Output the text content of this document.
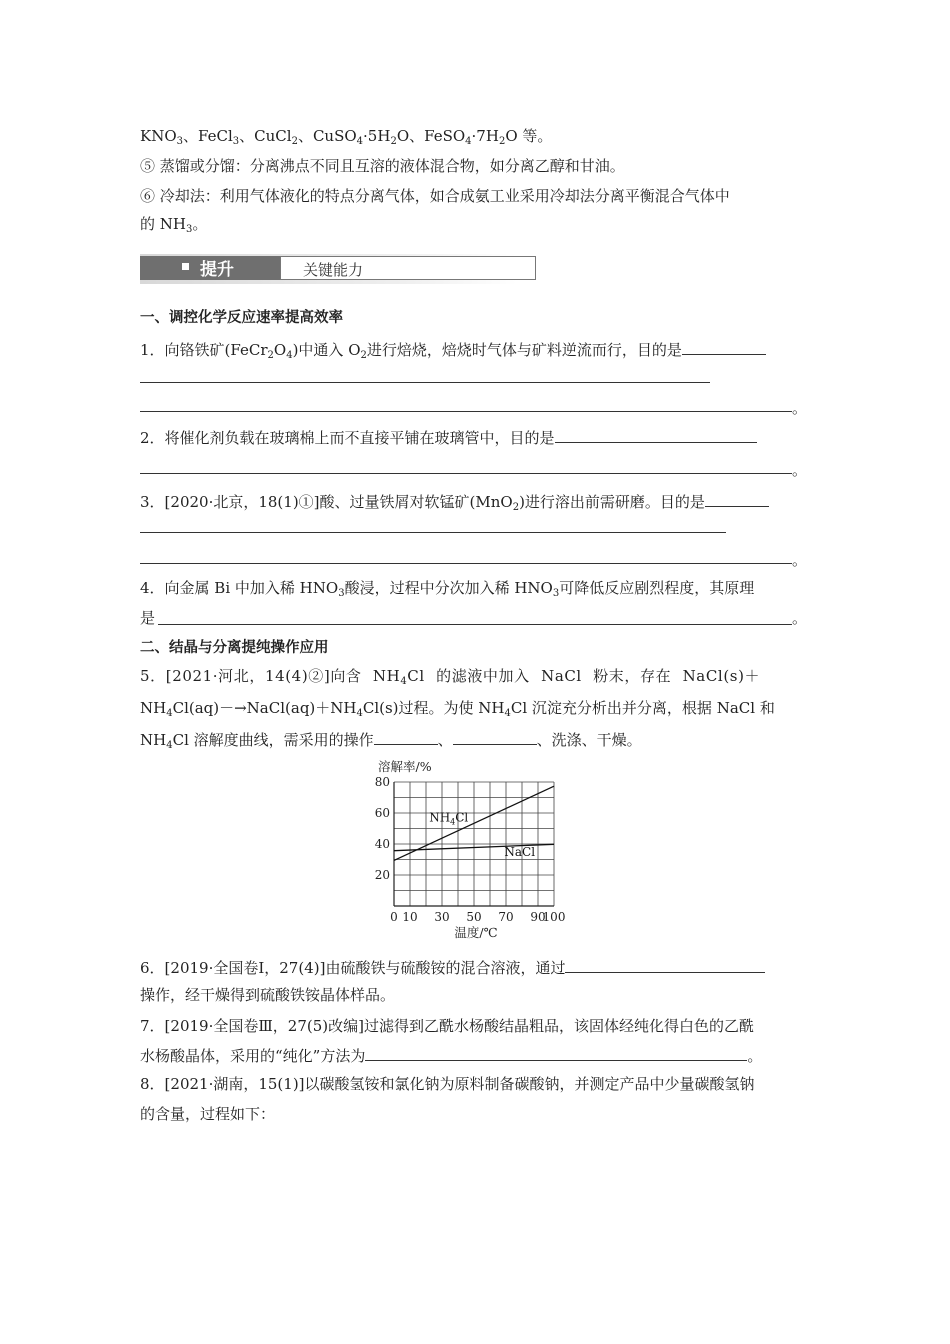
$KNO_3$、FeCl$_3$、CuCl$_2$、$CuSO_4\cdot 5H_2O$、$FeSO_4\cdot 7H_2O$ 等。
⑤ 蒸馏或分馏：分离沸点不同且互溶的液体混合物，如分离乙醇和甘油。
⑥ 冷却法：利用气体液化的特点分离气体，如合成氨工业采用冷却法分离平衡混合气体中
的 $NH_3$。
提升	关键能力
一、调控化学反应速率提高效率
1．向铬铁矿$(FeCr_2O_4)$中通入 $O_2$进行焙烧，焙烧时气体与矿料逆流而行，目的是
。
2．将催化剂负载在玻璃棉上而不直接平铺在玻璃管中，目的是
。
3．[2020·北京，18(1)①]酸、过量铁屑对软锰矿(MnO$_2$)进行溶出前需研磨。目的是
。
4．向金属 Bi 中加入稀 $HNO_3$酸浸，过程中分次加入稀 $HNO_3$可降低反应剧烈程度，其原理
是	。
二、结晶与分离提纯操作应用
5．[2021·河北，14(4)②]向含 $NH_4Cl$ 的滤液中加入 NaCl 粉末，存在 NaCl(s)＋
$NH_4Cl(aq)-\to NaCl(aq)+NH_4Cl(s)$过程。为使 $NH_4Cl$ 沉淀充分析出并分离，根据 NaCl 和
$NH_4Cl$ 溶解度曲线，需采用的操作	、	、洗涤、干燥。
20
40
60
80
0 10 30 50 70 90
100
溶解率/%
温度/℃
$NH_4Cl$
NaCl
6．[2019·全国卷Ⅰ，27(4)]由硫酸铁与硫酸铵的混合溶液，通过
操作，经干燥得到硫酸铁铵晶体样品。
7．[2019·全国卷Ⅲ，27(5)改编]过滤得到乙酰水杨酸结晶粗品，该固体经纯化得白色的乙酰
水杨酸晶体，采用的“纯化”方法为	。
8．[2021·湖南，15(1)]以碳酸氢铵和氯化钠为原料制备碳酸钠，并测定产品中少量碳酸氢钠
的含量，过程如下：
